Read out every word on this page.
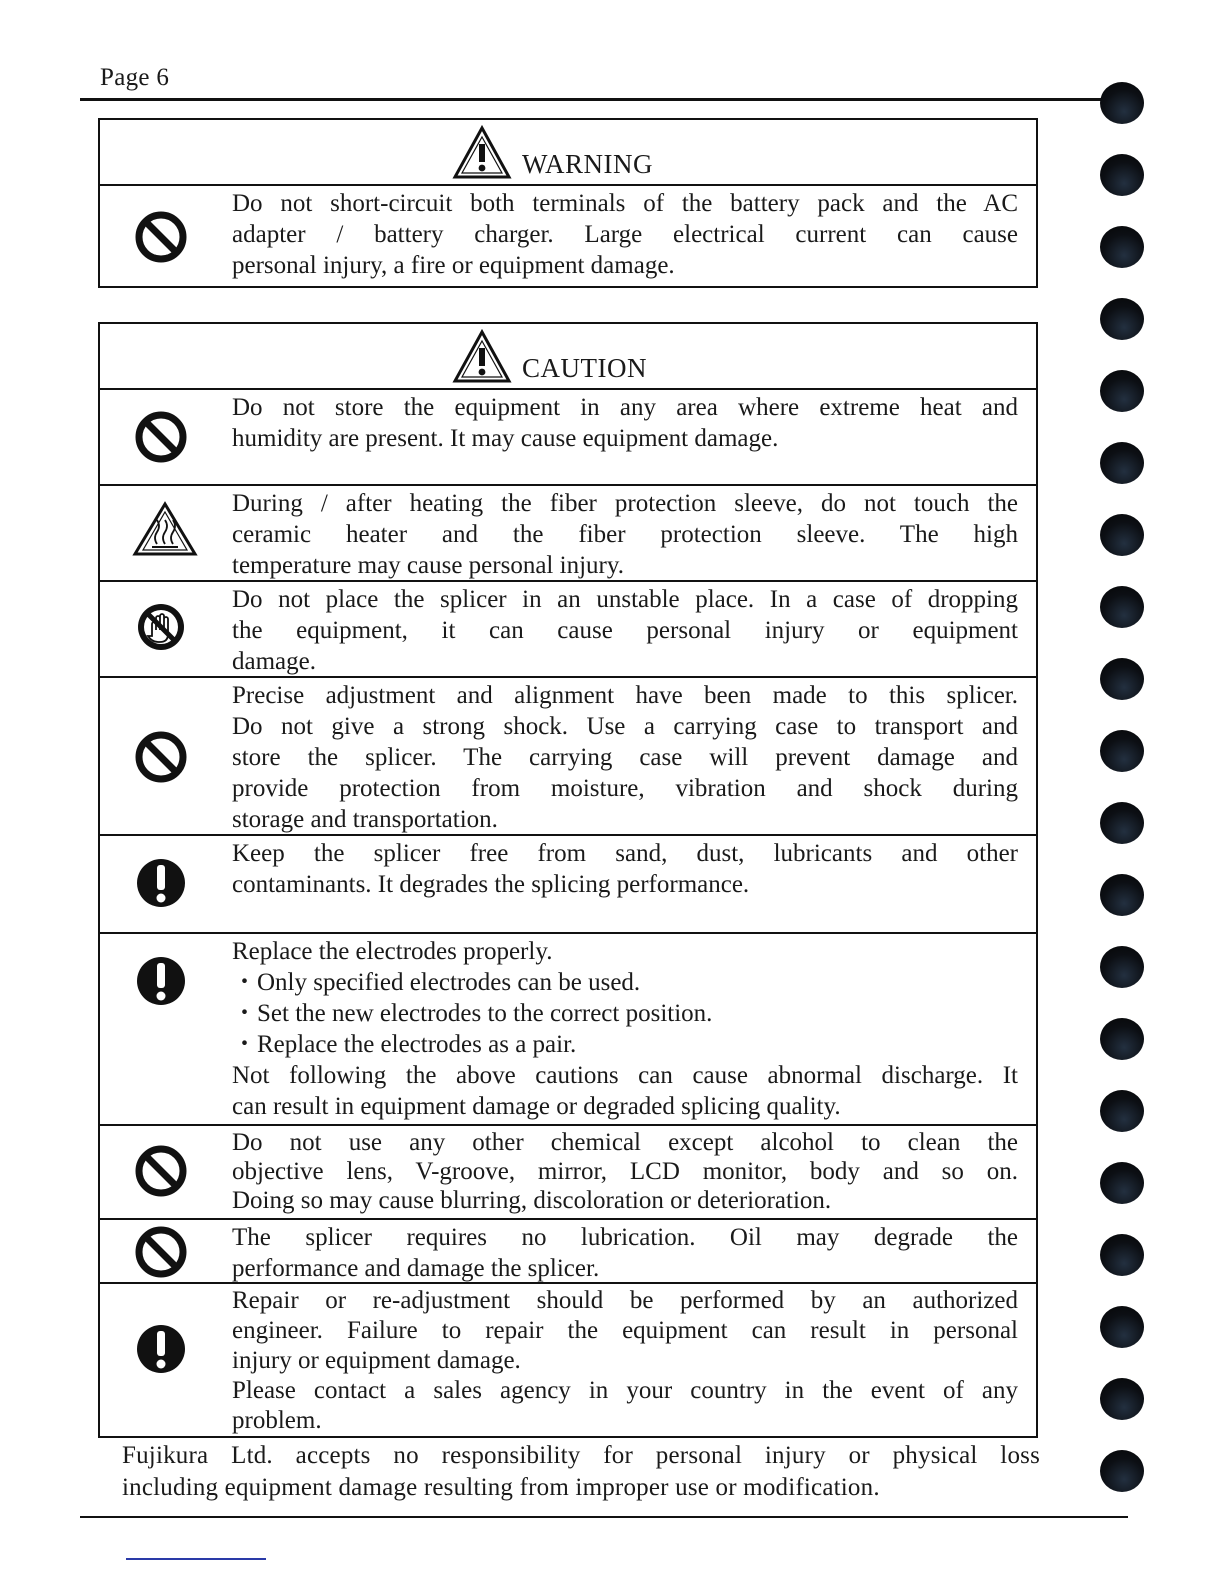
Page 6
WARNING
Do not short-circuit both terminals of the battery pack and the AC
adapter / battery charger. Large electrical current can cause
personal injury, a fire or equipment damage.
CAUTION
Do not store the equipment in any area where extreme heat and
humidity are present. It may cause equipment damage.
During / after heating the fiber protection sleeve, do not touch the
ceramic heater and the fiber protection sleeve. The high
temperature may cause personal injury.
Do not place the splicer in an unstable place. In a case of dropping
the equipment, it can cause personal injury or equipment
damage.
Precise adjustment and alignment have been made to this splicer.
Do not give a strong shock. Use a carrying case to transport and
store the splicer. The carrying case will prevent damage and
provide protection from moisture, vibration and shock during
storage and transportation.
Keep the splicer free from sand, dust, lubricants and other
contaminants. It degrades the splicing performance.
Replace the electrodes properly.
・Only specified electrodes can be used.
・Set the new electrodes to the correct position.
・Replace the electrodes as a pair.
Not following the above cautions can cause abnormal discharge. It
can result in equipment damage or degraded splicing quality.
Do not use any other chemical except alcohol to clean the
objective lens, V-groove, mirror, LCD monitor, body and so on.
Doing so may cause blurring, discoloration or deterioration.
The splicer requires no lubrication. Oil may degrade the
performance and damage the splicer.
Repair or re-adjustment should be performed by an authorized
engineer. Failure to repair the equipment can result in personal
injury or equipment damage.
Please contact a sales agency in your country in the event of any
problem.
Fujikura Ltd. accepts no responsibility for personal injury or physical loss
including equipment damage resulting from improper use or modification.
